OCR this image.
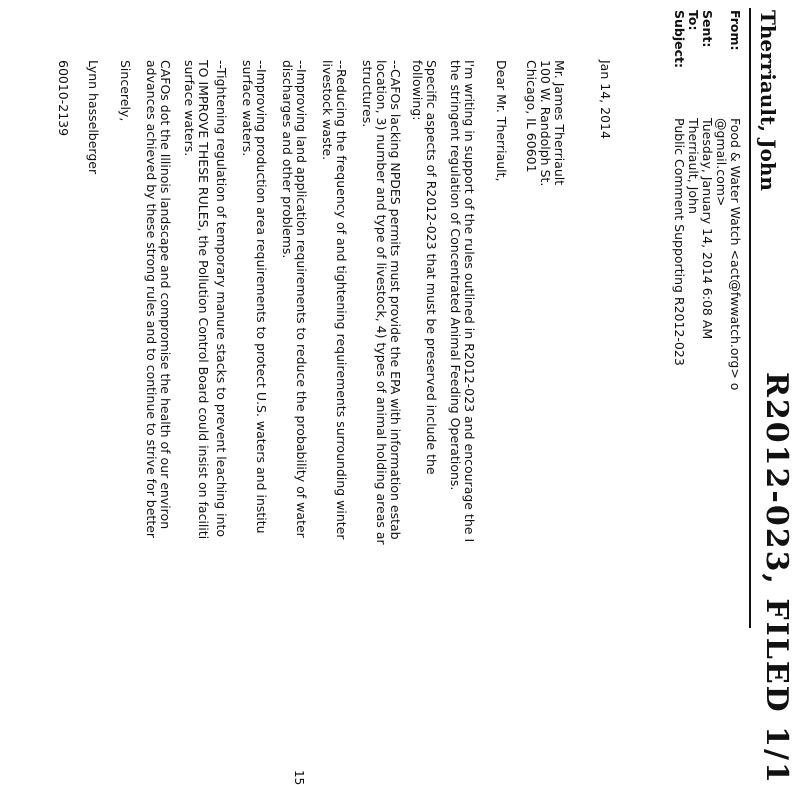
R2012-023, FILED 1/1
Therriault, John
From:
Food & Water Watch <act@fwwatch.org> o
@gmail.com>
Sent:
Tuesday, January 14, 2014 6:08 AM
To:
Therriault, John
Subject:
Public Comment Supporting R2012-023
Jan 14, 2014
Mr. James Therriault
100 W. Randolph St.
Chicago, IL 60601
Dear Mr. Therriault,
I'm writing in support of the rules outlined in R2012-023 and encourage the I
the stringent regulation of Concentrated Animal Feeding Operations.
Specific aspects of R2012-023 that must be preserved include the
following:
--CAFOs lacking NPDES permits must provide the EPA with information estab
location, 3) number and type of livestock, 4) types of animal holding areas ar
structures.
--Reducing the frequency of and tightening requirements surrounding winter
livestock waste.
--Improving land application requirements to reduce the probability of water
discharges and other problems.
--Improving production area requirements to protect U.S. waters and institu
surface waters.
--Tightening regulation of temporary manure stacks to prevent leaching into
TO IMPROVE THESE RULES, the Pollution Control Board could insist on faciliti
surface waters.
CAFOs dot the Illinois landscape and compromise the health of our environ
advances achieved by these strong rules and to continue to strive for better
Sincerely,
Lynn hasselberger
60010-2139
15
